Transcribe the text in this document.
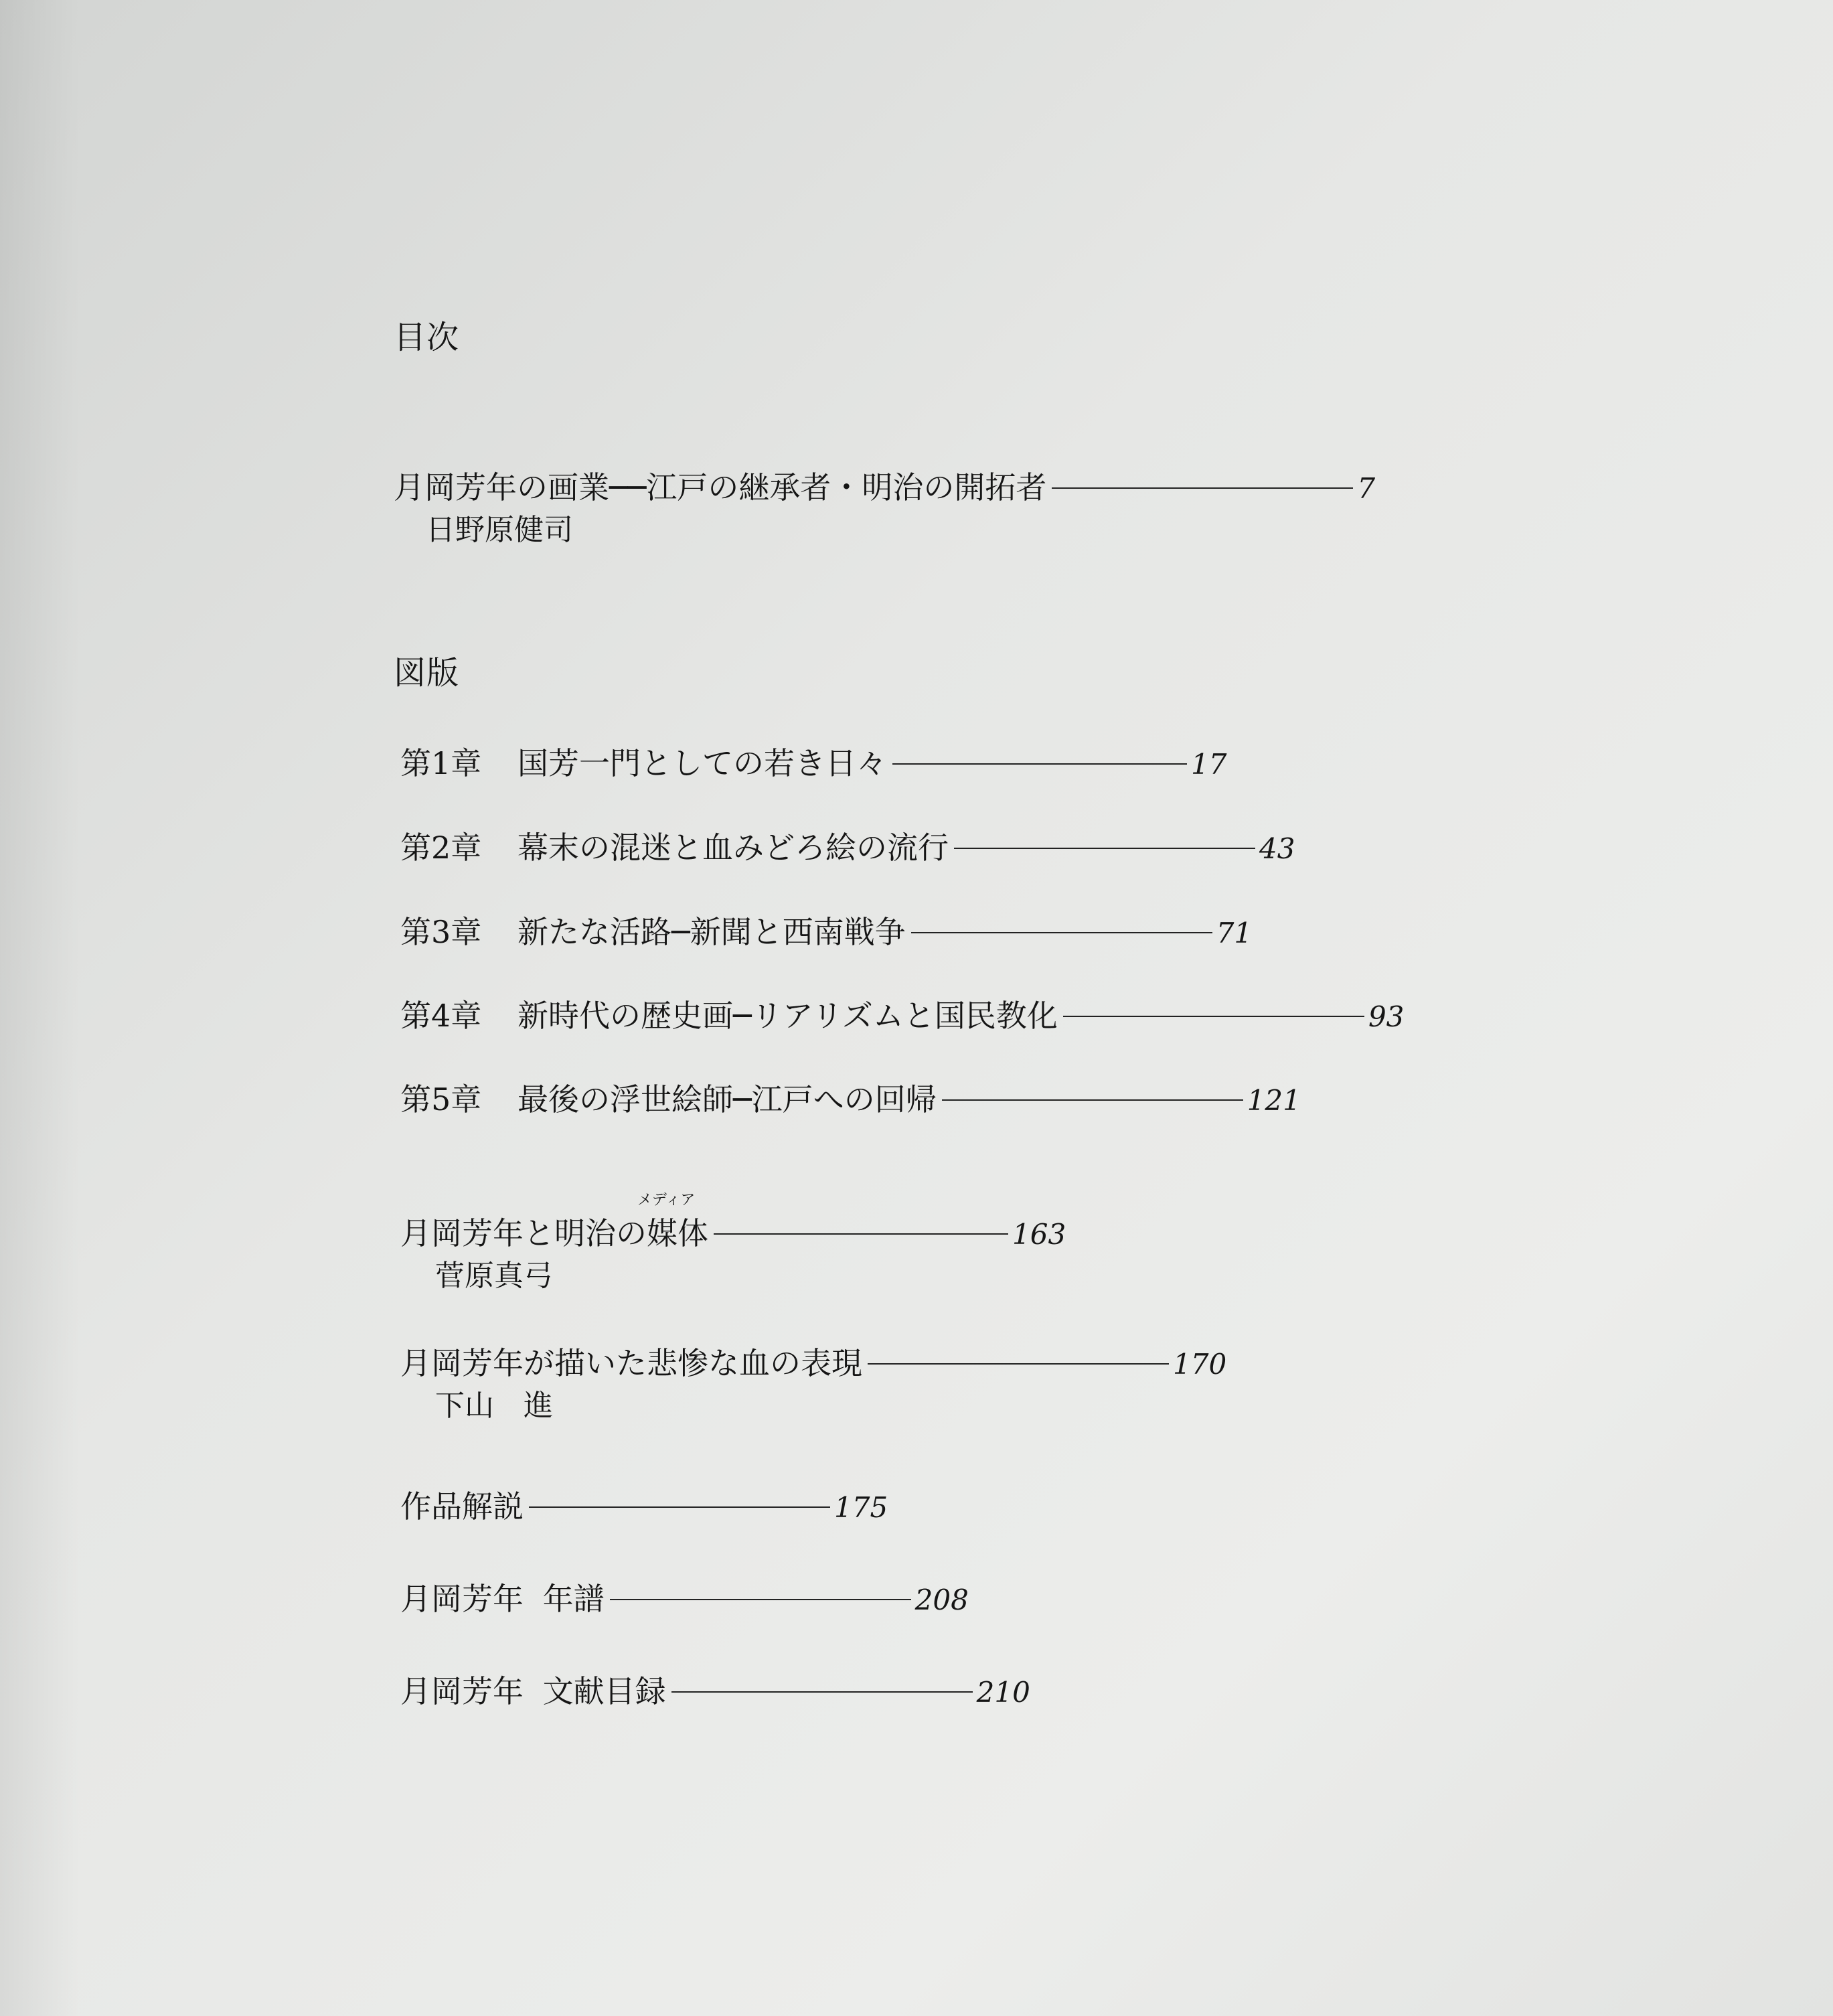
目次
月岡芳年の画業──江戸の継承者・明治の開拓者	7
日野原健司
図版
第1章	国芳一門としての若き日々	17
第2章	幕末の混迷と血みどろ絵の流行	43
第3章	新たな活路─新聞と西南戦争	71
第4章	新時代の歴史画─リアリズムと国民教化	93
第5章	最後の浮世絵師─江戸への回帰	121
月岡芳年と明治の
メディア
媒体	163
菅原真弓
月岡芳年が描いた悲惨な血の表現	170
下山 進
作品解説	175
月岡芳年 年譜	208
月岡芳年 文献目録	210
